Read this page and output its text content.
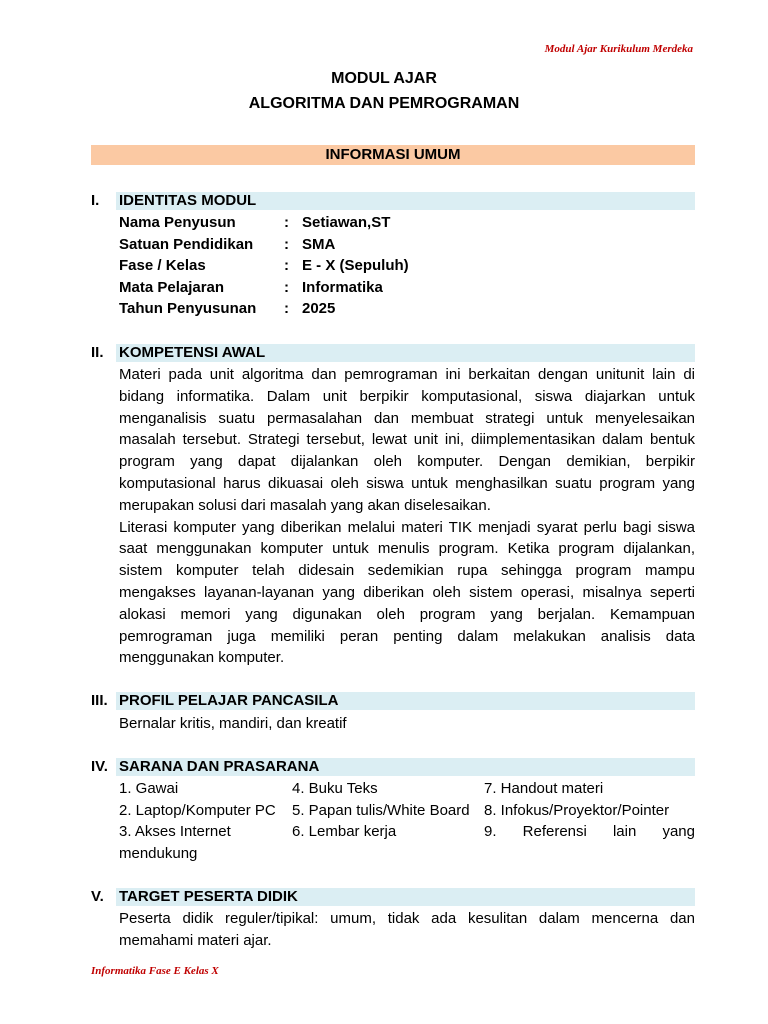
Modul Ajar Kurikulum Merdeka
MODUL AJAR
ALGORITMA DAN PEMROGRAMAN
INFORMASI UMUM
I. IDENTITAS MODUL
Nama Penyusun	: Setiawan,ST
Satuan Pendidikan	: SMA
Fase / Kelas	: E - X (Sepuluh)
Mata Pelajaran	: Informatika
Tahun Penyusunan	: 2025
II. KOMPETENSI AWAL

Materi pada unit algoritma dan pemrograman ini berkaitan dengan unitunit lain di bidang informatika. Dalam unit berpikir komputasional, siswa diajarkan untuk menganalisis suatu permasalahan dan membuat strategi untuk menyelesaikan masalah tersebut. Strategi tersebut, lewat unit ini, diimplementasikan dalam bentuk program yang dapat dijalankan oleh komputer. Dengan demikian, berpikir komputasional harus dikuasai oleh siswa untuk menghasilkan suatu program yang merupakan solusi dari masalah yang akan diselesaikan.

Literasi komputer yang diberikan melalui materi TIK menjadi syarat perlu bagi siswa saat menggunakan komputer untuk menulis program. Ketika program dijalankan, sistem komputer telah didesain sedemikian rupa sehingga program mampu mengakses layanan-layanan yang diberikan oleh sistem operasi, misalnya seperti alokasi memori yang digunakan oleh program yang berjalan. Kemampuan pemrograman juga memiliki peran penting dalam melakukan analisis data menggunakan komputer.

III. PROFIL PELAJAR PANCASILA
Bernalar kritis, mandiri, dan kreatif
IV. SARANA DAN PRASARANA
1. Gawai	4. Buku Teks	7. Handout materi
2. Laptop/Komputer PC	5. Papan tulis/White Board 8. Infokus/Proyektor/Pointer
3. Akses Internet	6. Lembar kerja	9. Referensi lain yang
mendukung
V. TARGET PESERTA DIDIK

Peserta didik reguler/tipikal: umum, tidak ada kesulitan dalam mencerna dan memahami materi ajar.

Informatika Fase E Kelas X
